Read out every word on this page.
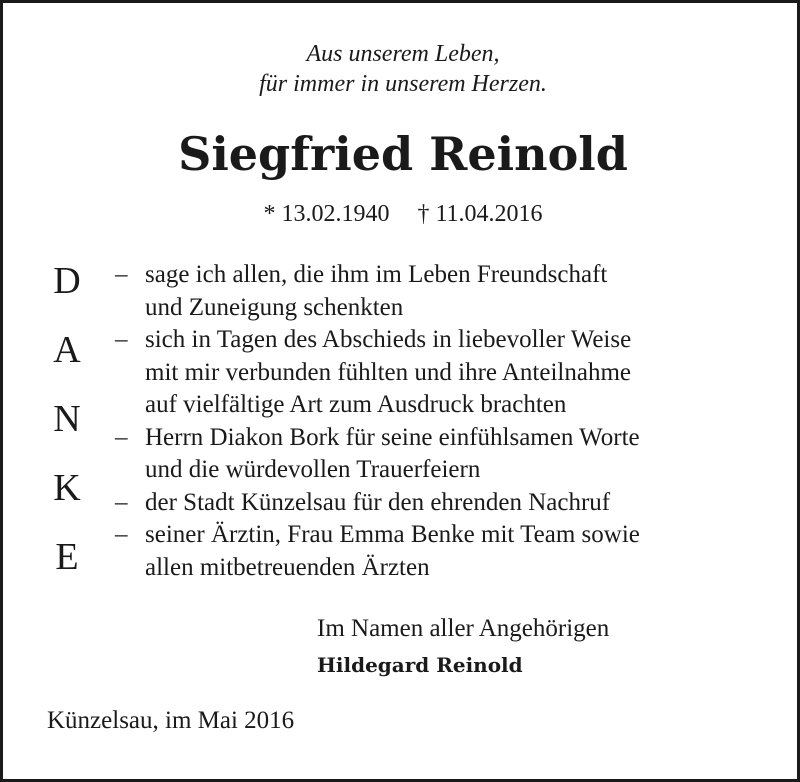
Aus unserem Leben,
für immer in unserem Herzen.
Siegfried Reinold
* 13.02.1940 † 11.04.2016
D
A
N
K
E
– sage ich allen, die ihm im Leben Freundschaft
und Zuneigung schenkten
– sich in Tagen des Abschieds in liebevoller Weise
mit mir verbunden fühlten und ihre Anteilnahme
auf vielfältige Art zum Ausdruck brachten
– Herrn Diakon Bork für seine einfühlsamen Worte
und die würdevollen Trauerfeiern
– der Stadt Künzelsau für den ehrenden Nachruf
– seiner Ärztin, Frau Emma Benke mit Team sowie
allen mitbetreuenden Ärzten
Im Namen aller Angehörigen
Hildegard Reinold
Künzelsau, im Mai 2016
